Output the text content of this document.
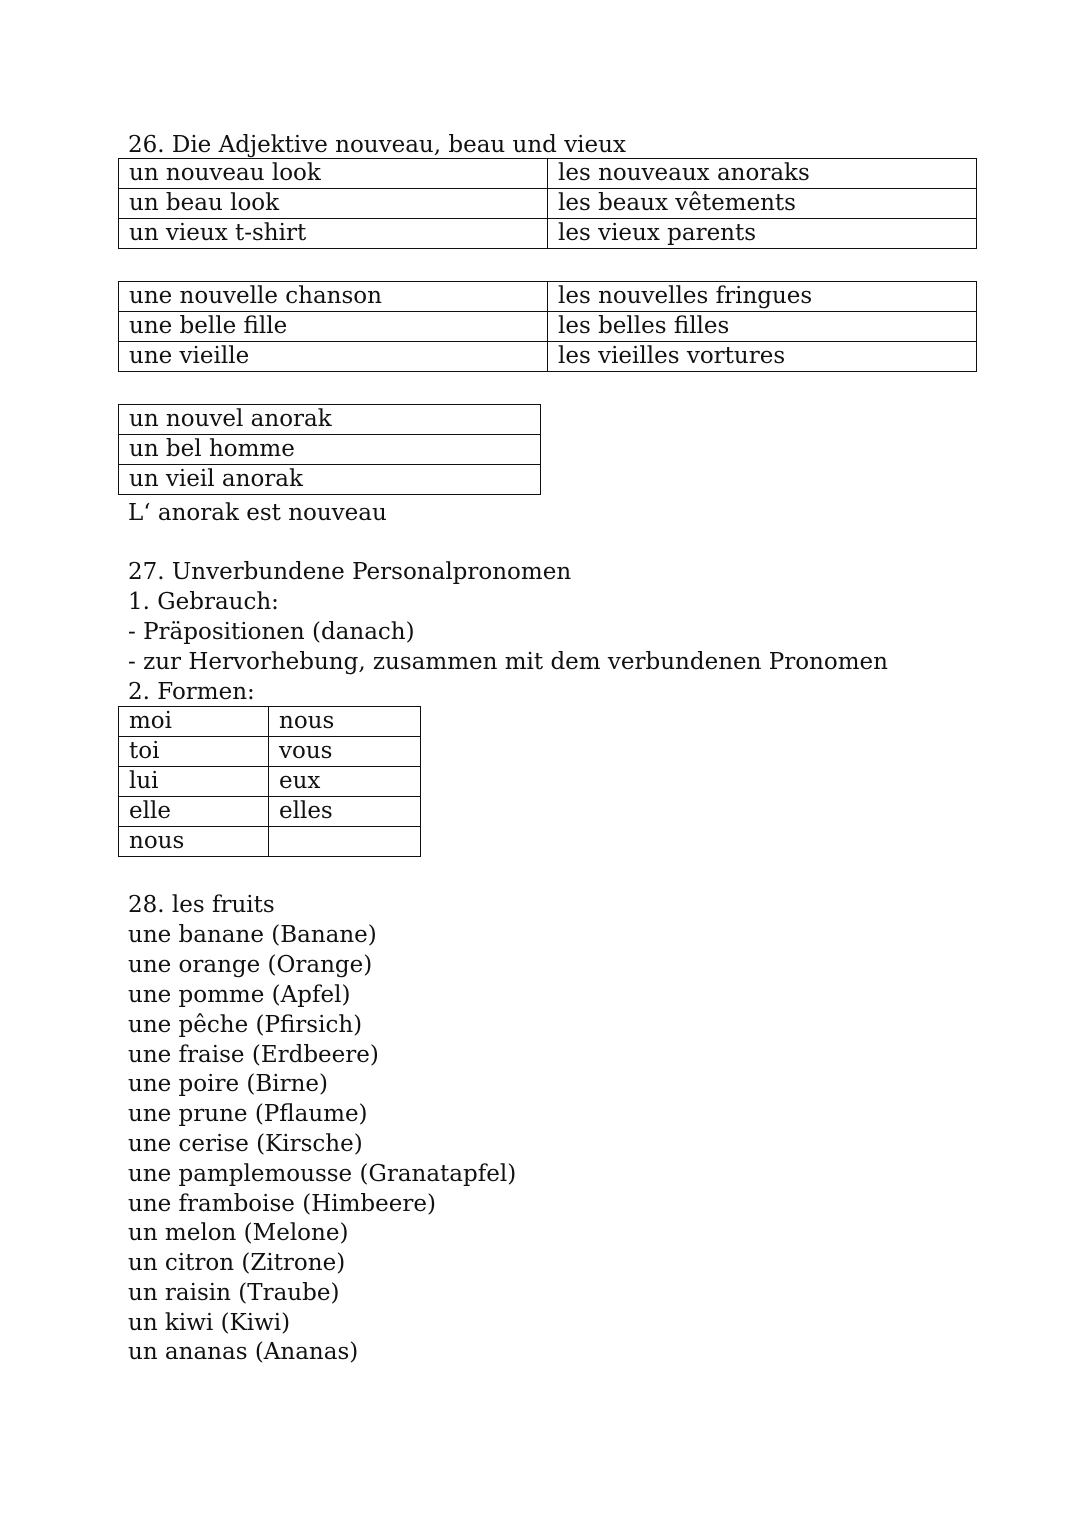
26. Die Adjektive nouveau, beau und vieux
un nouveau look	les nouveaux anoraks
un beau look	les beaux vêtements
un vieux t-shirt	les vieux parents
une nouvelle chanson	les nouvelles fringues
une belle fille	les belles filles
une vieille	les vieilles vortures
un nouvel anorak
un bel homme
un vieil anorak
L‘ anorak est nouveau
27. Unverbundene Personalpronomen
1. Gebrauch:
- Präpositionen (danach)
- zur Hervorhebung, zusammen mit dem verbundenen Pronomen
2. Formen:
moi	nous
toi	vous
lui	eux
elle	elles
nous	
28. les fruits
une banane (Banane)
une orange (Orange)
une pomme (Apfel)
une pêche (Pfirsich)
une fraise (Erdbeere)
une poire (Birne)
une prune (Pflaume)
une cerise (Kirsche)
une pamplemousse (Granatapfel)
une framboise (Himbeere)
un melon (Melone)
un citron (Zitrone)
un raisin (Traube)
un kiwi (Kiwi)
un ananas (Ananas)
